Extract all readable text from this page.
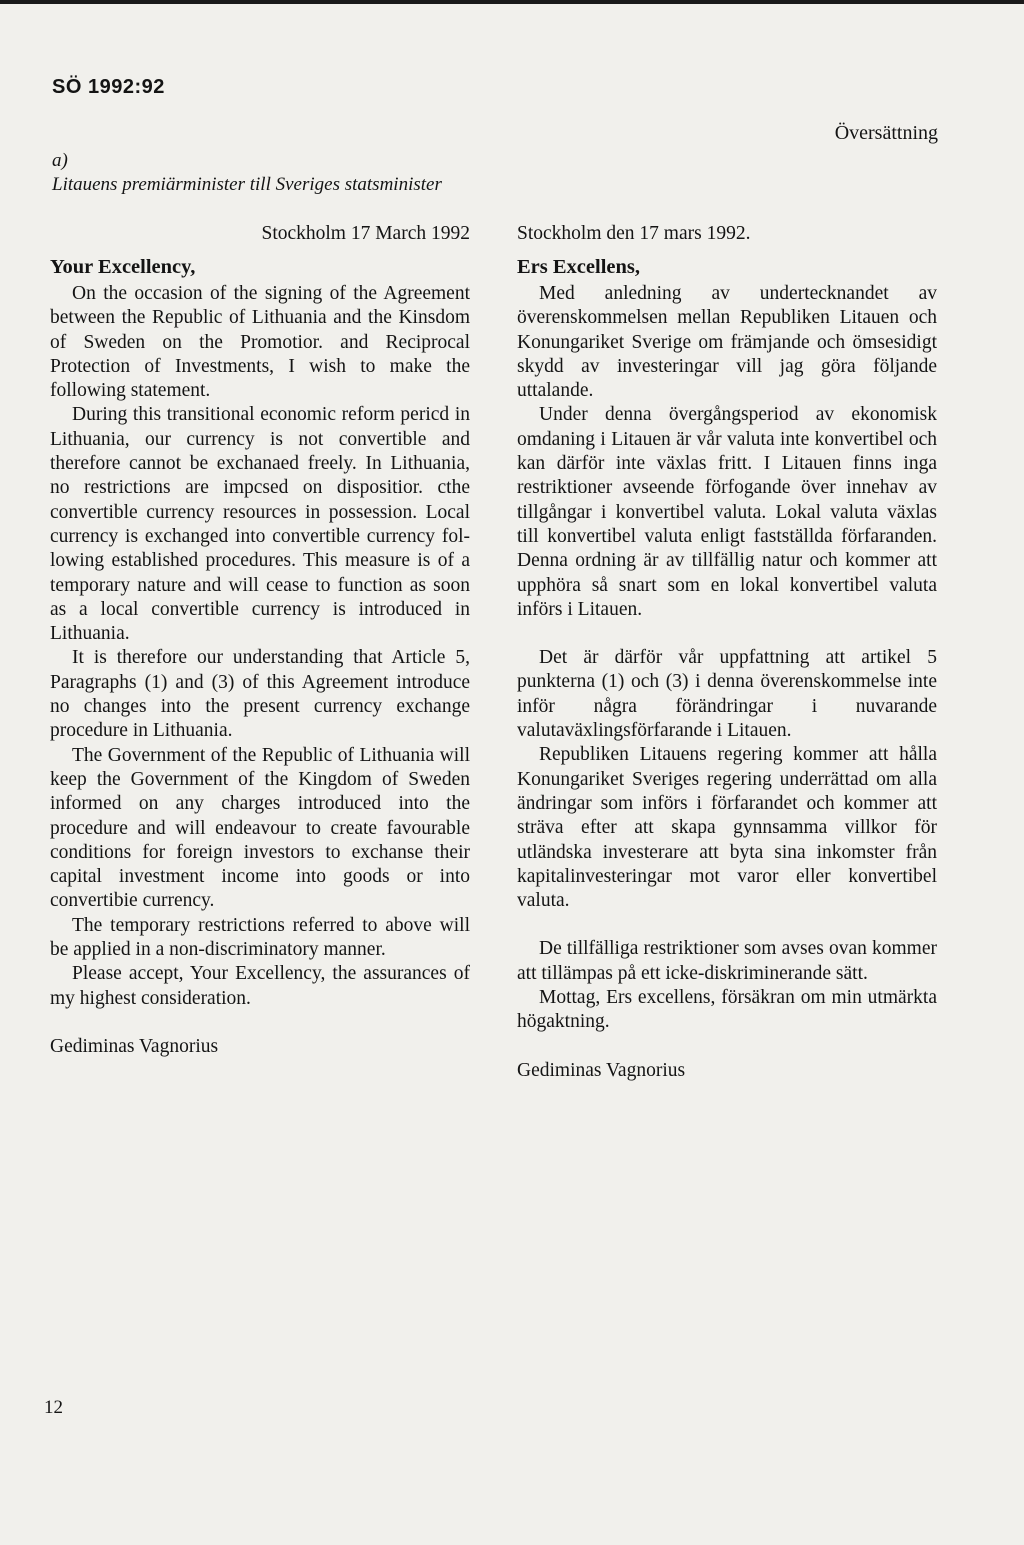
SÖ 1992:92
Översättning
a)
Litauens premiärminister till Sveriges statsminister

Stockholm 17 March 1992

Your Excellency,

On the occasion of the signing of the Agreement between the Republic of Lithuania and the Kinsdom of Sweden on the Promotior. and Reciprocal Protection of Investments, I wish to make the following statement.

During this transitional economic reform pericd in Lithuania, our currency is not convertible and therefore cannot be exchanaed freely. In Lithuania, no restrictions are impcsed on dispositior. cthe convertible currency resources in possession. Local currency is exchanged into convertible currency following established procedures. This measure is of a temporary nature and will cease to function as soon as a local convertible currency is introduced in Lithuania.

It is therefore our understanding that Article 5, Paragraphs (1) and (3) of this Agreement introduce no changes into the present currency exchange procedure in Lithuania.

The Government of the Republic of Lithuania will keep the Government of the Kingdom of Sweden informed on any charges introduced into the procedure and will endeavour to create favourable conditions for foreign investors to exchanse their capital investment income into goods or into convertibie currency.

The temporary restrictions referred to above will be applied in a non-discriminatory manner.

Please accept, Your Excellency, the assurances of my highest consideration.

Gediminas Vagnorius

Stockholm den 17 mars 1992.

Ers Excellens,

Med anledning av undertecknandet av överenskommelsen mellan Republiken Litauen och Konungariket Sverige om främjande och ömsesidigt skydd av investeringar vill jag göra följande uttalande.

Under denna övergångsperiod av ekonomisk omdaning i Litauen är vår valuta inte konvertibel och kan därför inte växlas fritt. I Litauen finns inga restriktioner avseende förfogande över innehav av tillgångar i konvertibel valuta. Lokal valuta växlas till konvertibel valuta enligt fastställda förfaranden. Denna ordning är av tillfällig natur och kommer att upphöra så snart som en lokal konvertibel valuta införs i Litauen.

Det är därför vår uppfattning att artikel 5 punkterna (1) och (3) i denna överenskommelse inte inför några förändringar i nuvarande valutaväxlingsförfarande i Litauen.

Republiken Litauens regering kommer att hålla Konungariket Sveriges regering underrättad om alla ändringar som införs i förfarandet och kommer att sträva efter att skapa gynnsamma villkor för utländska investerare att byta sina inkomster från kapitalinvesteringar mot varor eller konvertibel valuta.

De tillfälliga restriktioner som avses ovan kommer att tillämpas på ett icke-diskriminerande sätt.

Mottag, Ers excellens, försäkran om min utmärkta högaktning.

Gediminas Vagnorius

12
